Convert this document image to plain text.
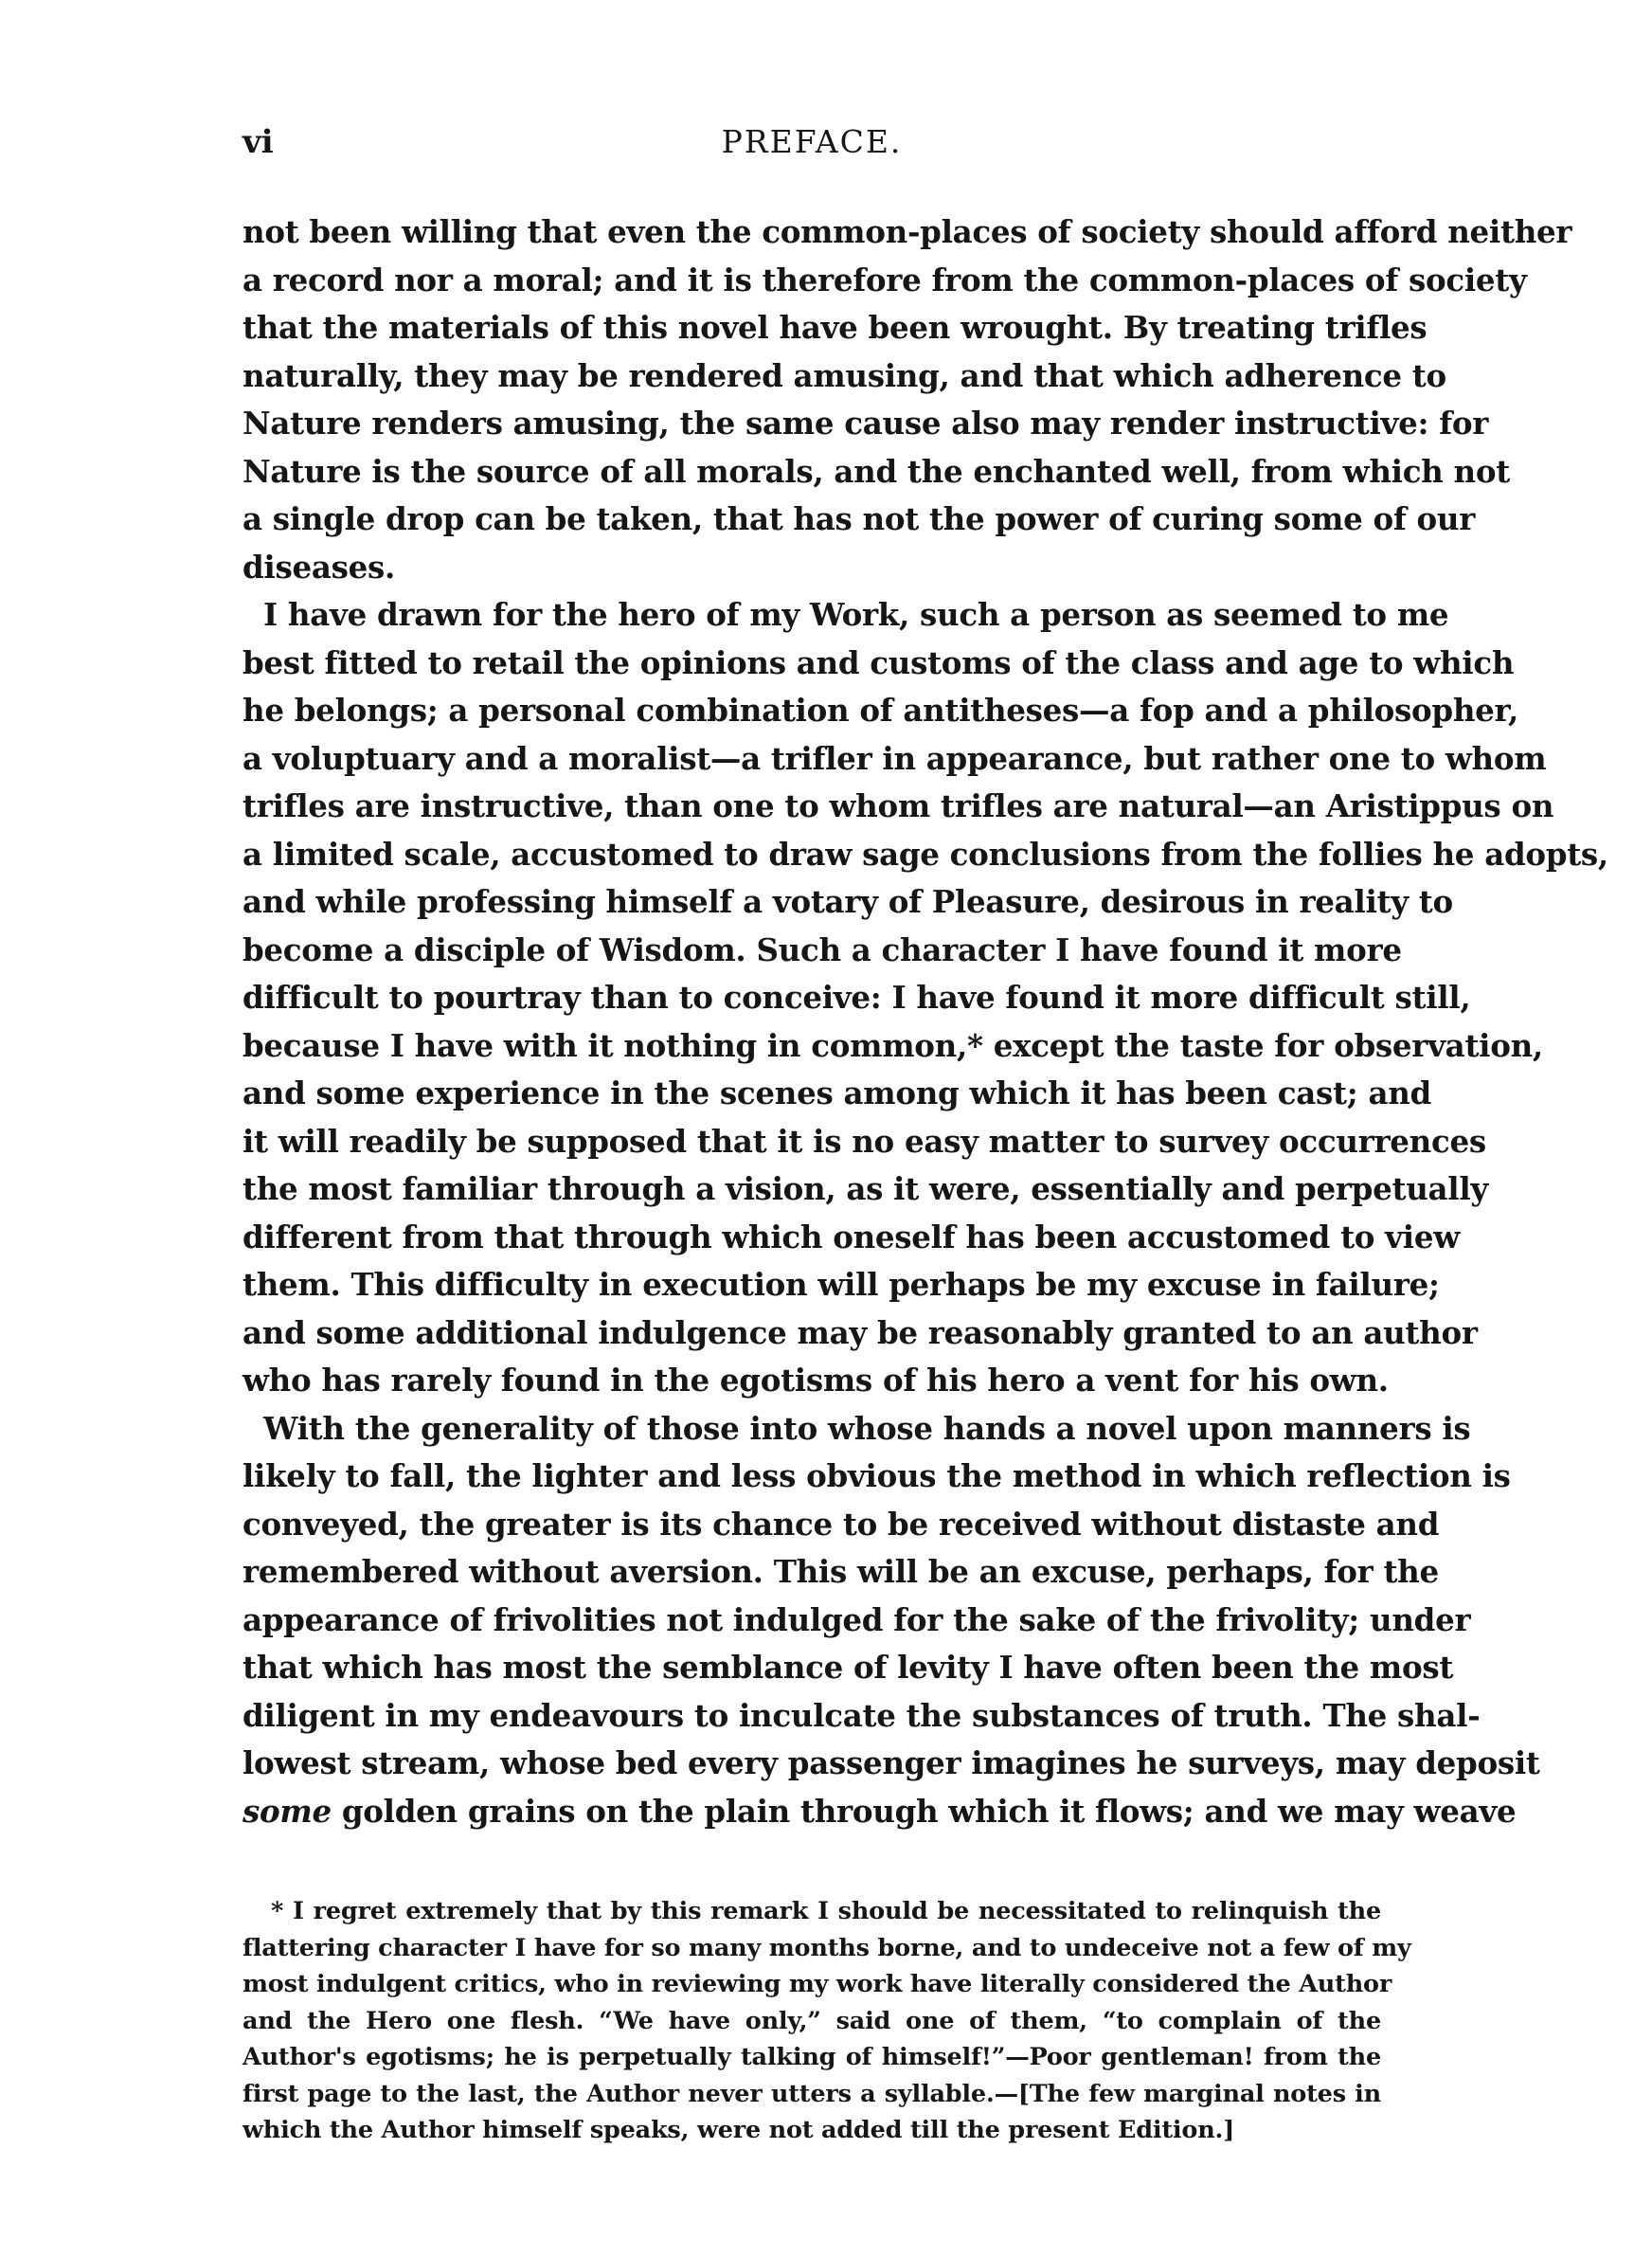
vi	PREFACE.
not been willing that even the common-places of society should afford neither
a record nor a moral; and it is therefore from the common-places of society
that the materials of this novel have been wrought. By treating trifles
naturally, they may be rendered amusing, and that which adherence to
Nature renders amusing, the same cause also may render instructive: for
Nature is the source of all morals, and the enchanted well, from which not
a single drop can be taken, that has not the power of curing some of our
diseases.
I have drawn for the hero of my Work, such a person as seemed to me
best fitted to retail the opinions and customs of the class and age to which
he belongs; a personal combination of antitheses—a fop and a philosopher,
a voluptuary and a moralist—a trifler in appearance, but rather one to whom
trifles are instructive, than one to whom trifles are natural—an Aristippus on
a limited scale, accustomed to draw sage conclusions from the follies he adopts,
and while professing himself a votary of Pleasure, desirous in reality to
become a disciple of Wisdom. Such a character I have found it more
difficult to pourtray than to conceive: I have found it more difficult still,
because I have with it nothing in common,* except the taste for observation,
and some experience in the scenes among which it has been cast; and
it will readily be supposed that it is no easy matter to survey occurrences
the most familiar through a vision, as it were, essentially and perpetually
different from that through which oneself has been accustomed to view
them. This difficulty in execution will perhaps be my excuse in failure;
and some additional indulgence may be reasonably granted to an author
who has rarely found in the egotisms of his hero a vent for his own.
With the generality of those into whose hands a novel upon manners is
likely to fall, the lighter and less obvious the method in which reflection is
conveyed, the greater is its chance to be received without distaste and
remembered without aversion. This will be an excuse, perhaps, for the
appearance of frivolities not indulged for the sake of the frivolity; under
that which has most the semblance of levity I have often been the most
diligent in my endeavours to inculcate the substances of truth. The shal-
lowest stream, whose bed every passenger imagines he surveys, may deposit
some golden grains on the plain through which it flows; and we may weave
* I regret extremely that by this remark I should be necessitated to relinquish the
flattering character I have for so many months borne, and to undeceive not a few of my
most indulgent critics, who in reviewing my work have literally considered the Author
and the Hero one flesh. “We have only,” said one of them, “to complain of the
Author's egotisms; he is perpetually talking of himself!”—Poor gentleman! from the
first page to the last, the Author never utters a syllable.—[The few marginal notes in
which the Author himself speaks, were not added till the present Edition.]
